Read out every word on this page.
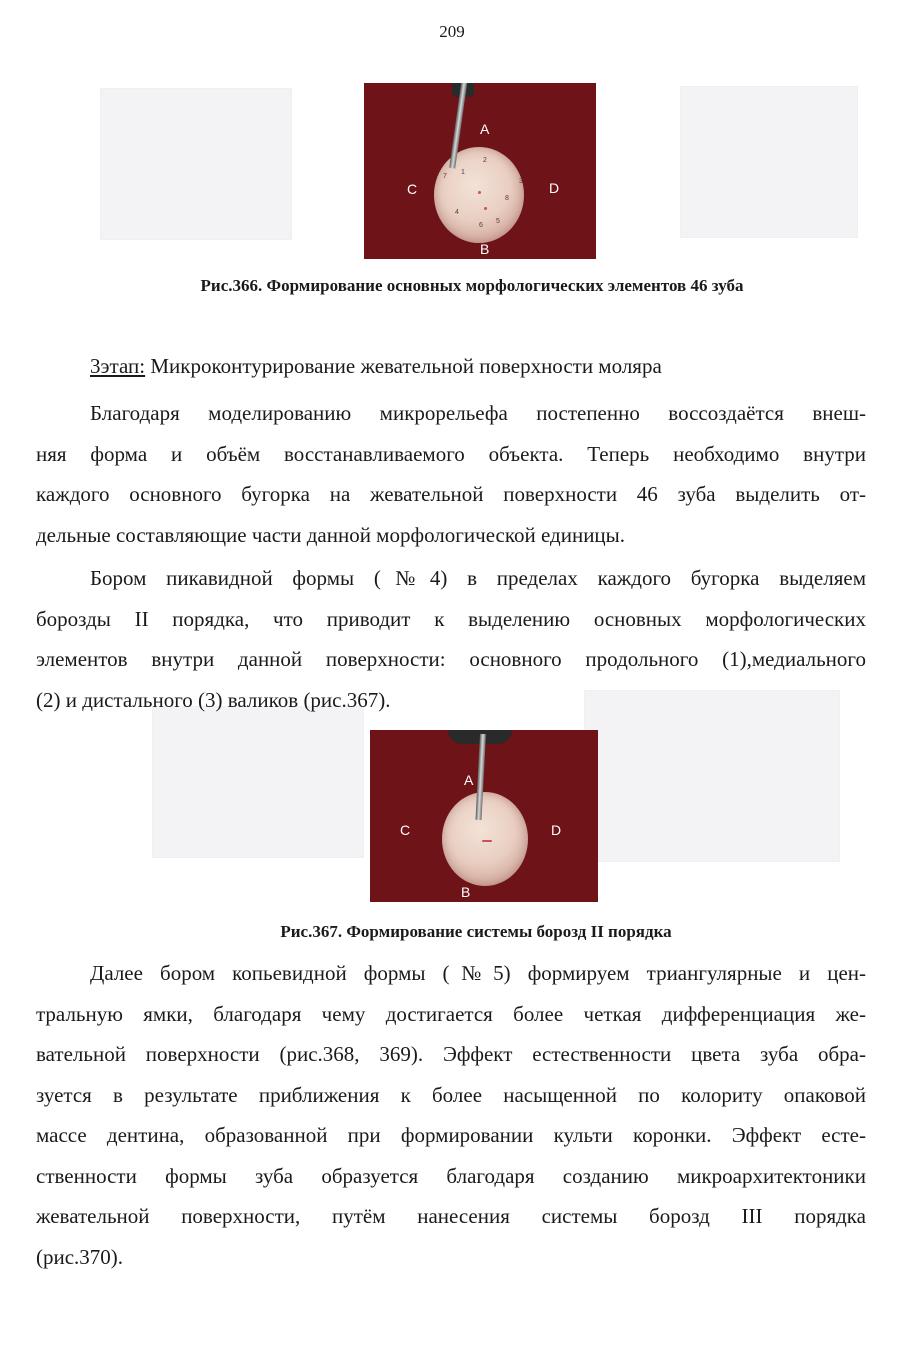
209
A
B
C	D
1
2
3
4
5
6
7
8
Рис.366. Формирование основных морфологических элементов 46 зуба

3этап: Микроконтурирование жевательной поверхности моляра

Благодаря моделированию микрорельефа постепенно воссоздаётся внеш-
няя форма и объём восстанавливаемого объекта. Теперь необходимо внутри
каждого основного бугорка на жевательной поверхности 46 зуба выделить от-
дельные составляющие части данной морфологической единицы.
Бором пикавидной формы (№4) в пределах каждого бугорка выделяем
борозды II порядка, что приводит к выделению основных морфологических
элементов внутри данной поверхности: основного продольного (1),медиального
(2) и дистального (3) валиков (рис.367).
A
B
C	D
Рис.367. Формирование системы борозд II порядка
Далее бором копьевидной формы (№5) формируем триангулярные и цен-
тральную ямки, благодаря чему достигается более четкая дифференциация же-
вательной поверхности (рис.368, 369). Эффект естественности цвета зуба обра-
зуется в результате приближения к более насыщенной по колориту опаковой
массе дентина, образованной при формировании культи коронки. Эффект есте-
ственности формы зуба образуется благодаря созданию микроархитектоники
жевательной поверхности, путём нанесения системы борозд III порядка
(рис.370).
